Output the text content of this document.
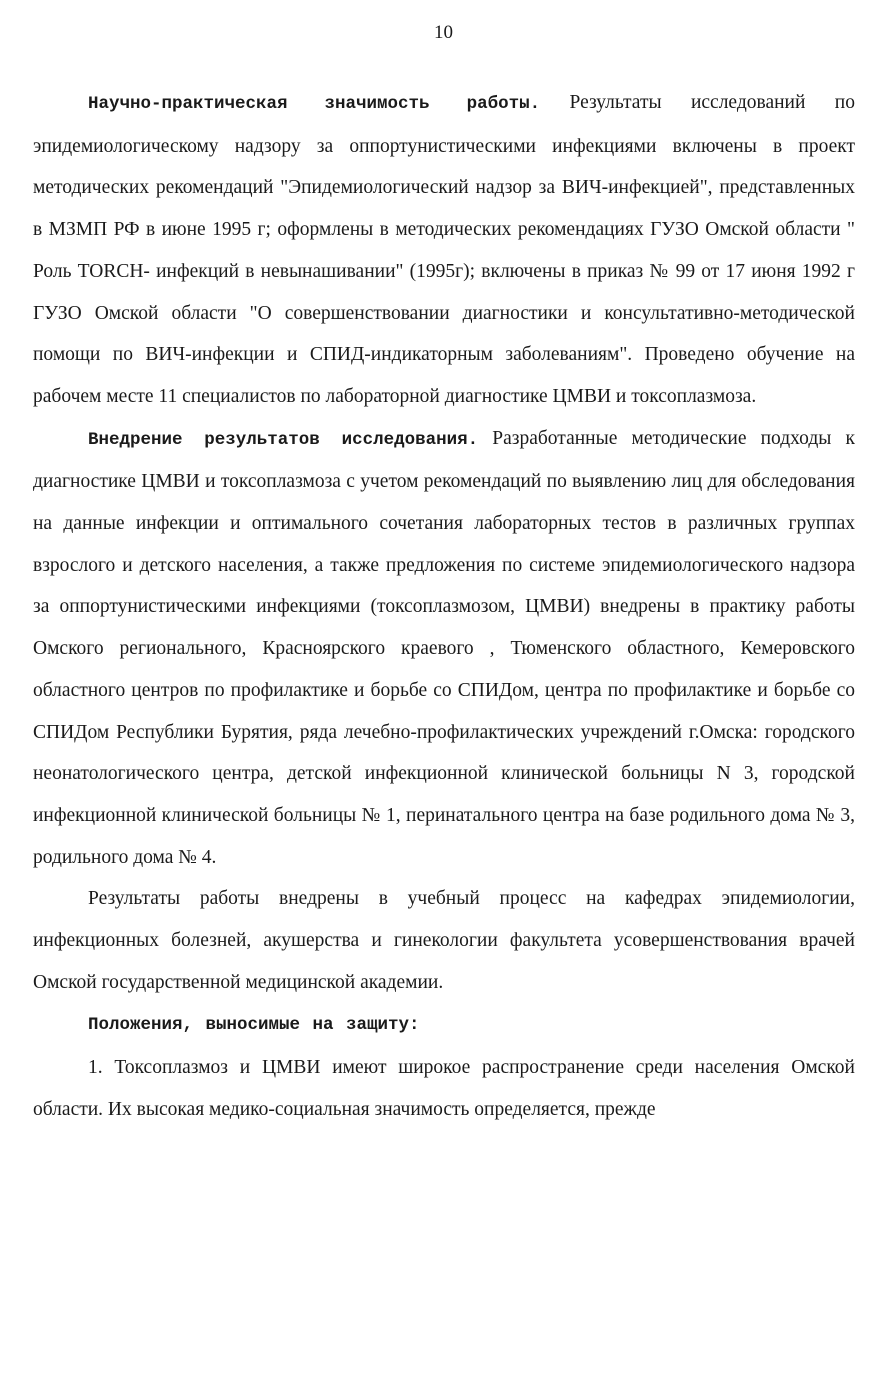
10

Научно-практическая значимость работы. Результаты исследований по эпидемиологическому надзору за оппортунистическими инфекциями включены в проект методических рекомендаций "Эпидемиологический надзор за ВИЧ-инфекцией", представленных в МЗМП РФ в июне 1995 г; оформлены в методических рекомендациях ГУЗО Омской области " Роль TORCH- инфекций в невынашивании" (1995г); включены в приказ № 99 от 17 июня 1992 г ГУЗО Омской области "О совершенствовании диагностики и консультативно-методической помощи по ВИЧ-инфекции и СПИД-индикаторным заболеваниям". Проведено обучение на рабочем месте 11 специалистов по лабораторной диагностике ЦМВИ и токсоплазмоза.

Внедрение результатов исследования. Разработанные методические подходы к диагностике ЦМВИ и токсоплазмоза с учетом рекомендаций по выявлению лиц для обследования на данные инфекции и оптимального сочетания лабораторных тестов в различных группах взрослого и детского населения, а также предложения по системе эпидемиологического надзора за оппортунистическими инфекциями (токсоплазмозом, ЦМВИ) внедрены в практику работы Омского регионального, Красноярского краевого , Тюменского областного, Кемеровского областного центров по профилактике и борьбе со СПИДом, центра по профилактике и борьбе со СПИДом Республики Бурятия, ряда лечебно-профилактических учреждений г.Омска: городского неонатологического центра, детской инфекционной клинической больницы N 3, городской инфекционной клинической больницы № 1, перинатального центра на базе родильного дома № 3, родильного дома № 4.

Результаты работы внедрены в учебный процесс на кафедрах эпидемиологии, инфекционных болезней, акушерства и гинекологии факультета усовершенствования врачей Омской государственной медицинской академии.

Положения, выносимые на защиту:

1. Токсоплазмоз и ЦМВИ имеют широкое распространение среди населения Омской области. Их высокая медико-социальная значимость определяется, прежде
